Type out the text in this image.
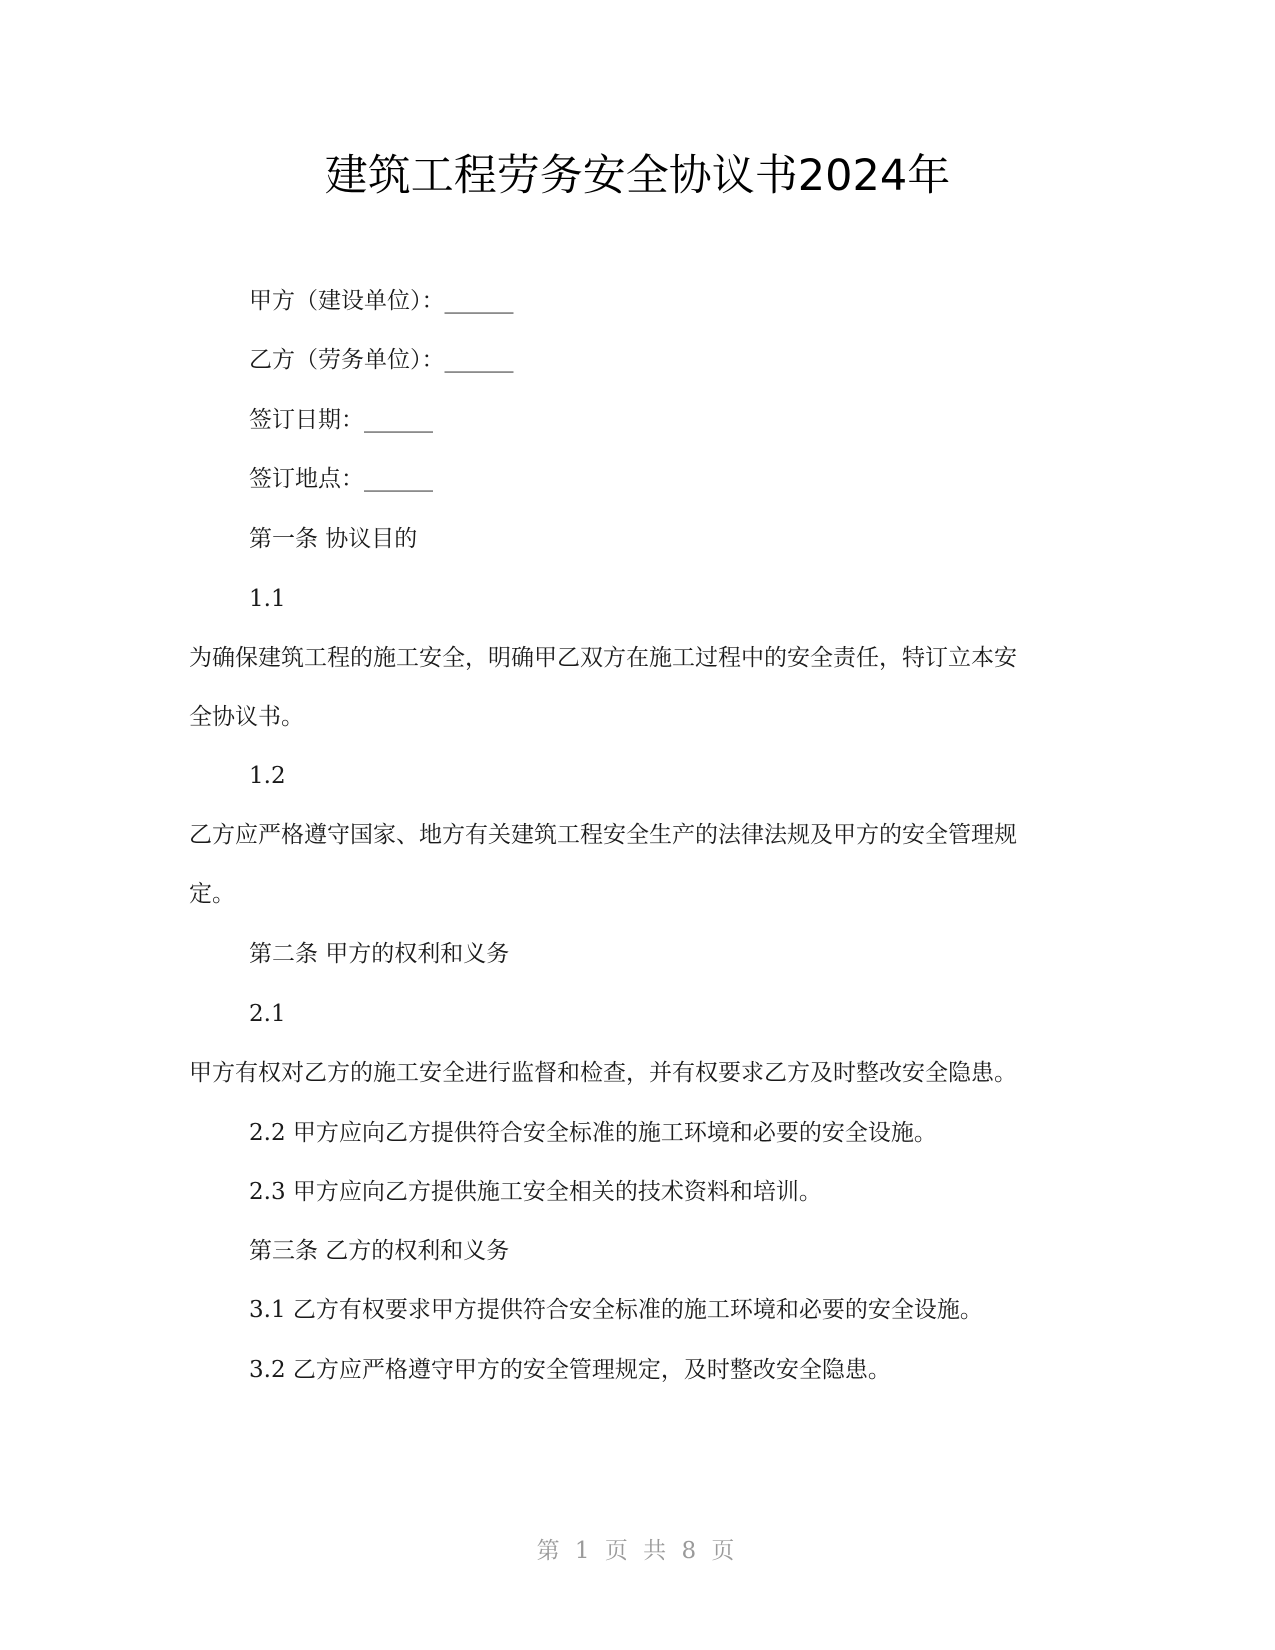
建筑工程劳务安全协议书2024年
甲方（建设单位）：______
乙方（劳务单位）：______
签订日期：______
签订地点：______
第一条 协议目的
1.1
为确保建筑工程的施工安全，明确甲乙双方在施工过程中的安全责任，特订立本安
全协议书。
1.2
乙方应严格遵守国家、地方有关建筑工程安全生产的法律法规及甲方的安全管理规
定。
第二条 甲方的权利和义务
2.1
甲方有权对乙方的施工安全进行监督和检查，并有权要求乙方及时整改安全隐患。
2.2 甲方应向乙方提供符合安全标准的施工环境和必要的安全设施。
2.3 甲方应向乙方提供施工安全相关的技术资料和培训。
第三条 乙方的权利和义务
3.1 乙方有权要求甲方提供符合安全标准的施工环境和必要的安全设施。
3.2 乙方应严格遵守甲方的安全管理规定，及时整改安全隐患。
第 1 页 共 8 页
